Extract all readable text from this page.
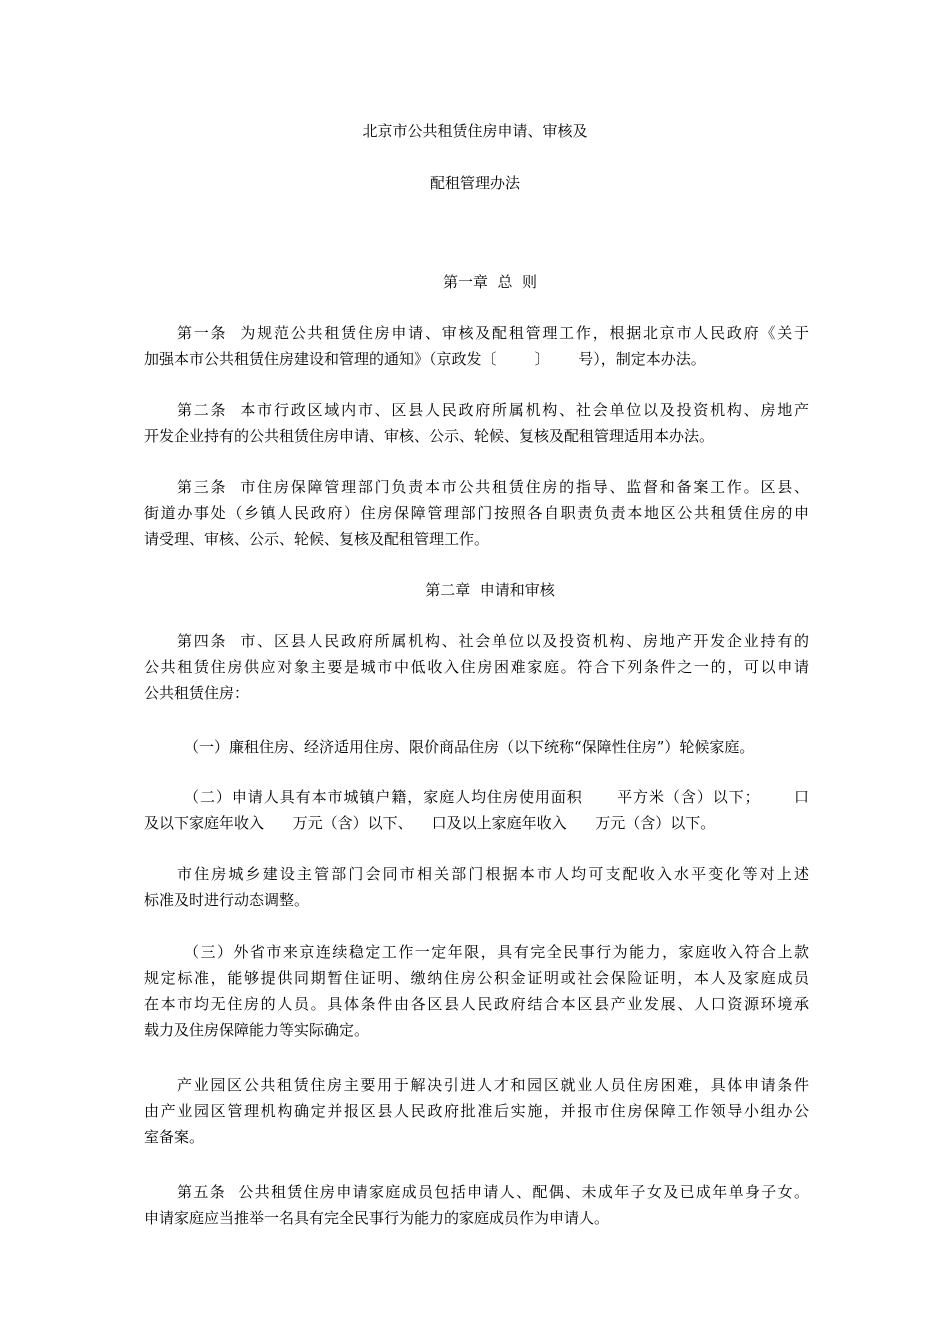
北京市公共租赁住房申请、审核及
配租管理办法
第一章  总  则
第一条  为规范公共租赁住房申请、审核及配租管理工作，根据北京市人民政府《关于
加强本市公共租赁住房建设和管理的通知》（京政发〔        〕      号），制定本办法。
第二条  本市行政区域内市、区县人民政府所属机构、社会单位以及投资机构、房地产
开发企业持有的公共租赁住房申请、审核、公示、轮候、复核及配租管理适用本办法。
第三条  市住房保障管理部门负责本市公共租赁住房的指导、监督和备案工作。区县、
街道办事处（乡镇人民政府）住房保障管理部门按照各自职责负责本地区公共租赁住房的申
请受理、审核、公示、轮候、复核及配租管理工作。
第二章  申请和审核
第四条  市、区县人民政府所属机构、社会单位以及投资机构、房地产开发企业持有的
公共租赁住房供应对象主要是城市中低收入住房困难家庭。符合下列条件之一的，可以申请
公共租赁住房：
（一）廉租住房、经济适用住房、限价商品住房（以下统称“保障性住房”）轮候家庭。
（二）申请人具有本市城镇户籍，家庭人均住房使用面积      平方米（含）以下；      口
及以下家庭年收入      万元（含）以下、    口及以上家庭年收入      万元（含）以下。
市住房城乡建设主管部门会同市相关部门根据本市人均可支配收入水平变化等对上述
标准及时进行动态调整。
（三）外省市来京连续稳定工作一定年限，具有完全民事行为能力，家庭收入符合上款
规定标准，能够提供同期暂住证明、缴纳住房公积金证明或社会保险证明，本人及家庭成员
在本市均无住房的人员。具体条件由各区县人民政府结合本区县产业发展、人口资源环境承
载力及住房保障能力等实际确定。
产业园区公共租赁住房主要用于解决引进人才和园区就业人员住房困难，具体申请条件
由产业园区管理机构确定并报区县人民政府批准后实施，并报市住房保障工作领导小组办公
室备案。
第五条  公共租赁住房申请家庭成员包括申请人、配偶、未成年子女及已成年单身子女。
申请家庭应当推举一名具有完全民事行为能力的家庭成员作为申请人。
